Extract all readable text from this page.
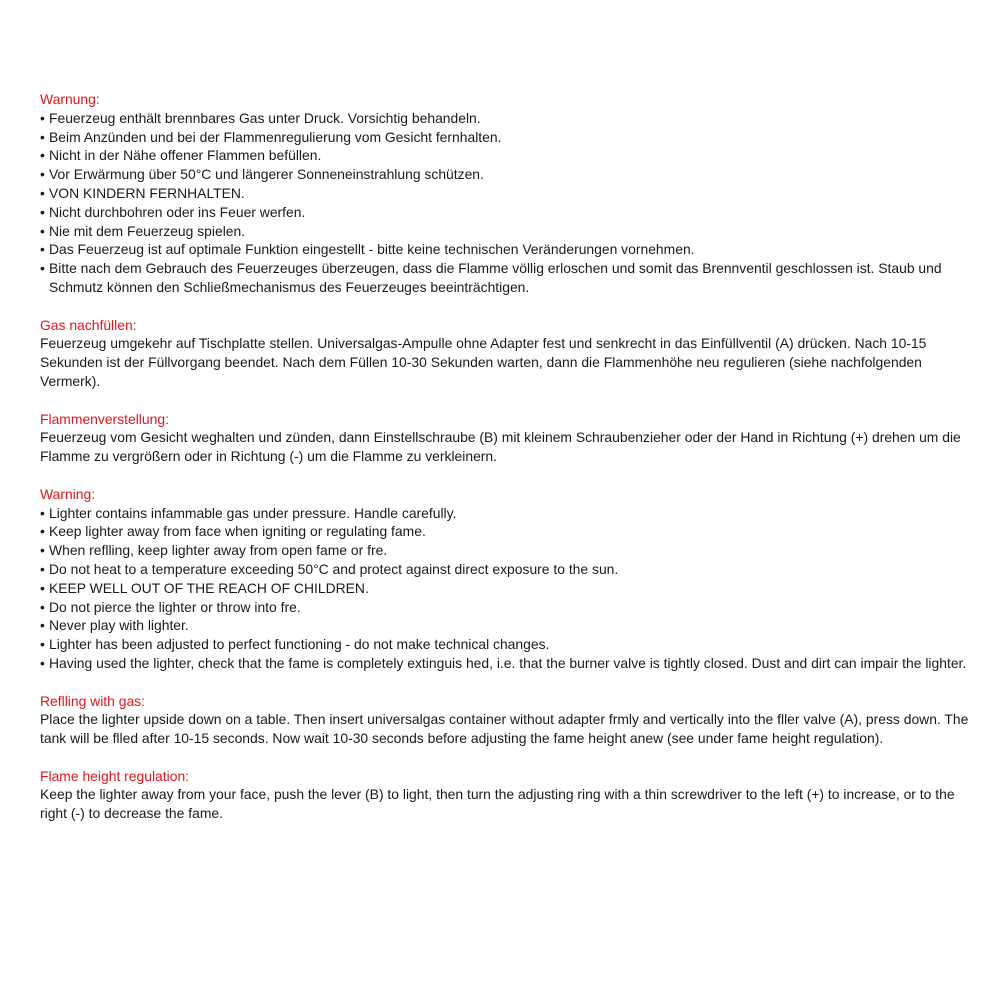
Warnung:
• Feuerzeug enthält brennbares Gas unter Druck. Vorsichtig behandeln.
• Beim Anzünden und bei der Flammenregulierung vom Gesicht fernhalten.
• Nicht in der Nähe offener Flammen befüllen.
• Vor Erwärmung über 50°C und längerer Sonneneinstrahlung schützen.
• VON KINDERN FERNHALTEN.
• Nicht durchbohren oder ins Feuer werfen.
• Nie mit dem Feuerzeug spielen.
• Das Feuerzeug ist auf optimale Funktion eingestellt - bitte keine technischen Veränderungen vornehmen.
• Bitte nach dem Gebrauch des Feuerzeuges überzeugen, dass die Flamme völlig erloschen und somit das Brennventil geschlossen ist. Staub und Schmutz können den Schließmechanismus des Feuerzeuges beeinträchtigen.
Gas nachfüllen:

Feuerzeug umgekehr auf Tischplatte stellen. Universalgas-Ampulle ohne Adapter fest und senkrecht in das Einfüllventil (A) drücken. Nach 10-15 Sekunden ist der Füllvorgang beendet. Nach dem Füllen 10-30 Sekunden warten, dann die Flammenhöhe neu regulieren (siehe nachfolgenden Vermerk).

Flammenverstellung:

Feuerzeug vom Gesicht weghalten und zünden, dann Einstellschraube (B) mit kleinem Schraubenzieher oder der Hand in Richtung (+) drehen um die Flamme zu vergrößern oder in Richtung (-) um die Flamme zu verkleinern.

Warning:
• Lighter contains infammable gas under pressure. Handle carefully.
• Keep lighter away from face when igniting or regulating fame.
• When reflling, keep lighter away from open fame or fre.
• Do not heat to a temperature exceeding 50°C and protect against direct exposure to the sun.
• KEEP WELL OUT OF THE REACH OF CHILDREN.
• Do not pierce the lighter or throw into fre.
• Never play with lighter.
• Lighter has been adjusted to perfect functioning - do not make technical changes.
• Having used the lighter, check that the fame is completely extinguis hed, i.e. that the burner valve is tightly closed. Dust and dirt can impair the lighter.
Reflling with gas:

Place the lighter upside down on a table. Then insert universalgas container without adapter frmly and vertically into the fller valve (A), press down. The tank will be flled after 10-15 seconds. Now wait 10-30 seconds before adjusting the fame height anew (see under fame height regulation).

Flame height regulation:

Keep the lighter away from your face, push the lever (B) to light, then turn the adjusting ring with a thin screwdriver to the left (+) to increase, or to the right (-) to decrease the fame.
